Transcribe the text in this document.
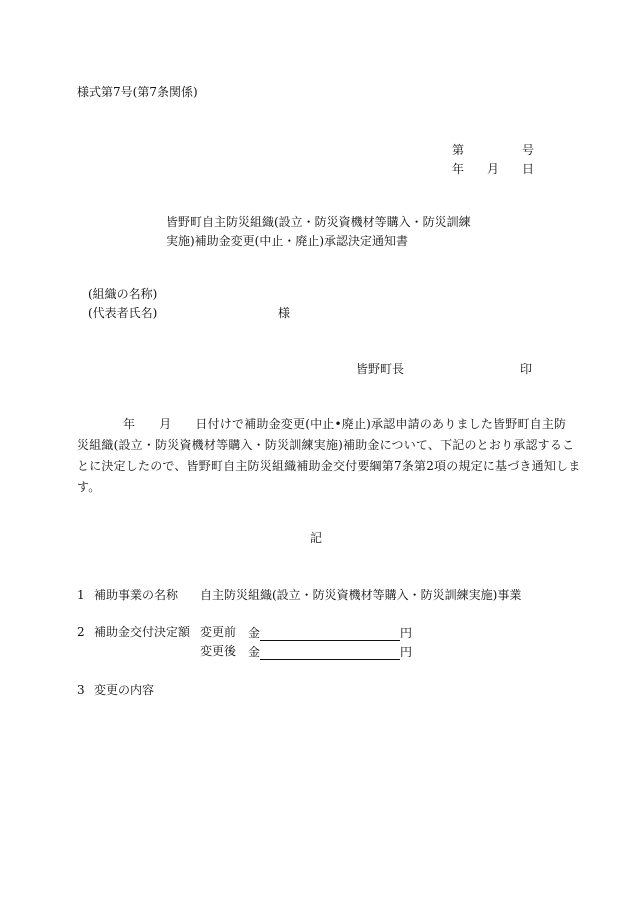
様式第7号(第7条関係)
第	号
年 月 日
皆野町自主防災組織(設立・防災資機材等購入・防災訓練
実施)補助金変更(中止・廃止)承認決定通知書
(組織の名称)
(代表者氏名)	様
皆野町長	印
年 月 日付けで補助金変更(中止•廃止)承認申請のありました皆野町自主防
災組織(設立・防災資機材等購入・防災訓練実施)補助金について、下記のとおり承認するこ
とに決定したので、皆野町自主防災組織補助金交付要綱第7条第2項の規定に基づき通知しま
す。
記
1 補助事業の名称 自主防災組織(設立・防災資機材等購入・防災訓練実施)事業
2 補助金交付決定額 変更前 金	円
変更後 金	円
3 変更の内容
